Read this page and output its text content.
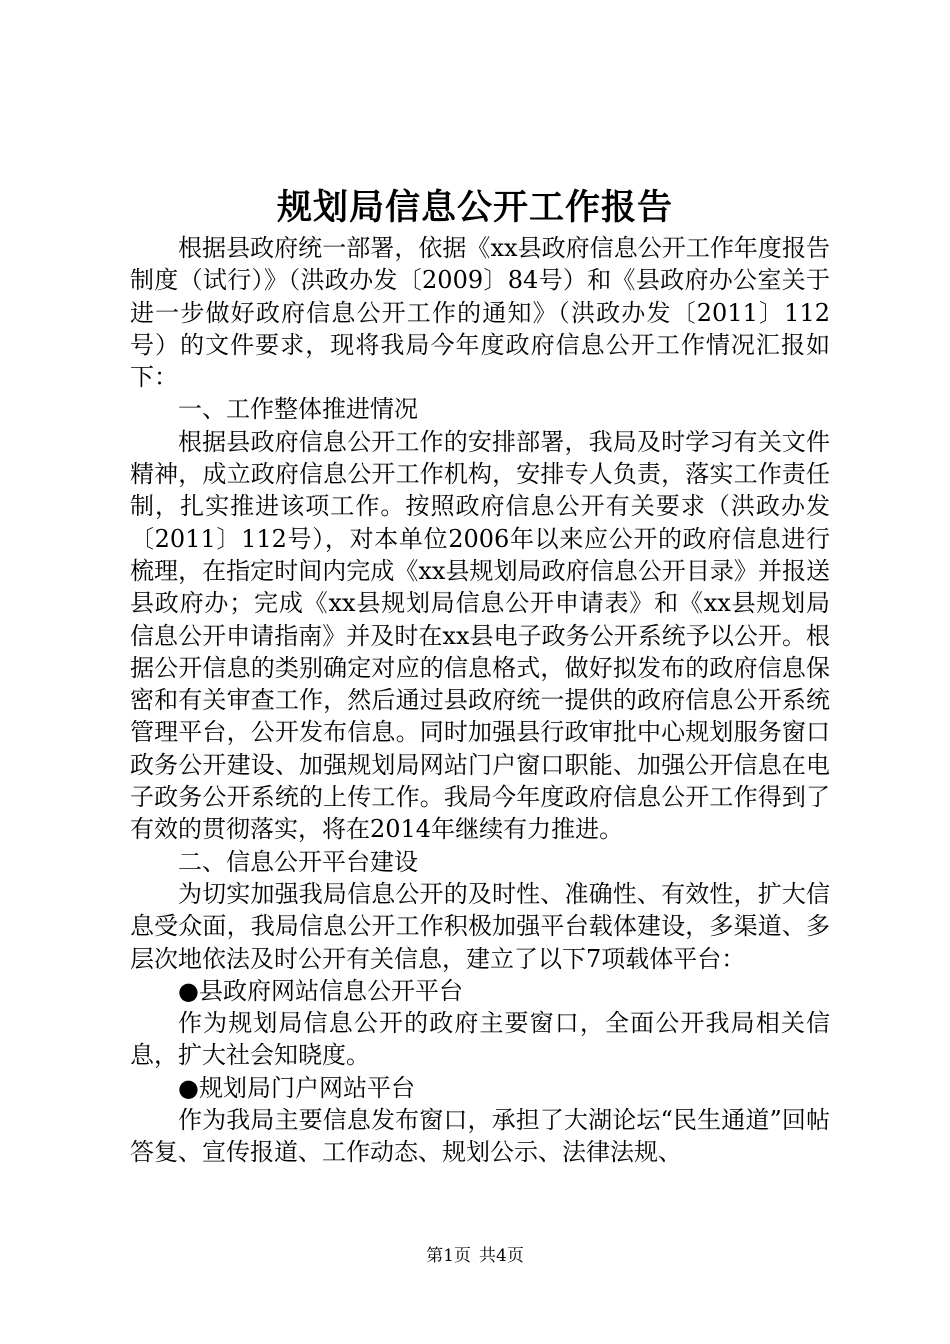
规划局信息公开工作报告

根据县政府统一部署，依据《xx县政府信息公开工作年度报告制度（试行）》（洪政办发〔2009〕84号）和《县政府办公室关于进一步做好政府信息公开工作的通知》（洪政办发〔2011〕112号）的文件要求，现将我局今年度政府信息公开工作情况汇报如下：

一、工作整体推进情况

根据县政府信息公开工作的安排部署，我局及时学习有关文件精神，成立政府信息公开工作机构，安排专人负责，落实工作责任制，扎实推进该项工作。按照政府信息公开有关要求（洪政办发〔2011〕112号），对本单位2006年以来应公开的政府信息进行梳理，在指定时间内完成《xx县规划局政府信息公开目录》并报送县政府办；完成《xx县规划局信息公开申请表》和《xx县规划局信息公开申请指南》并及时在xx县电子政务公开系统予以公开。根据公开信息的类别确定对应的信息格式，做好拟发布的政府信息保密和有关审查工作，然后通过县政府统一提供的政府信息公开系统管理平台，公开发布信息。同时加强县行政审批中心规划服务窗口政务公开建设、加强规划局网站门户窗口职能、加强公开信息在电子政务公开系统的上传工作。我局今年度政府信息公开工作得到了有效的贯彻落实，将在2014年继续有力推进。

二、信息公开平台建设

为切实加强我局信息公开的及时性、准确性、有效性，扩大信息受众面，我局信息公开工作积极加强平台载体建设，多渠道、多层次地依法及时公开有关信息，建立了以下7项载体平台：

●县政府网站信息公开平台

作为规划局信息公开的政府主要窗口，全面公开我局相关信息，扩大社会知晓度。

●规划局门户网站平台

作为我局主要信息发布窗口，承担了大湖论坛“民生通道”回帖答复、宣传报道、工作动态、规划公示、法律法规、

第1页 共4页
